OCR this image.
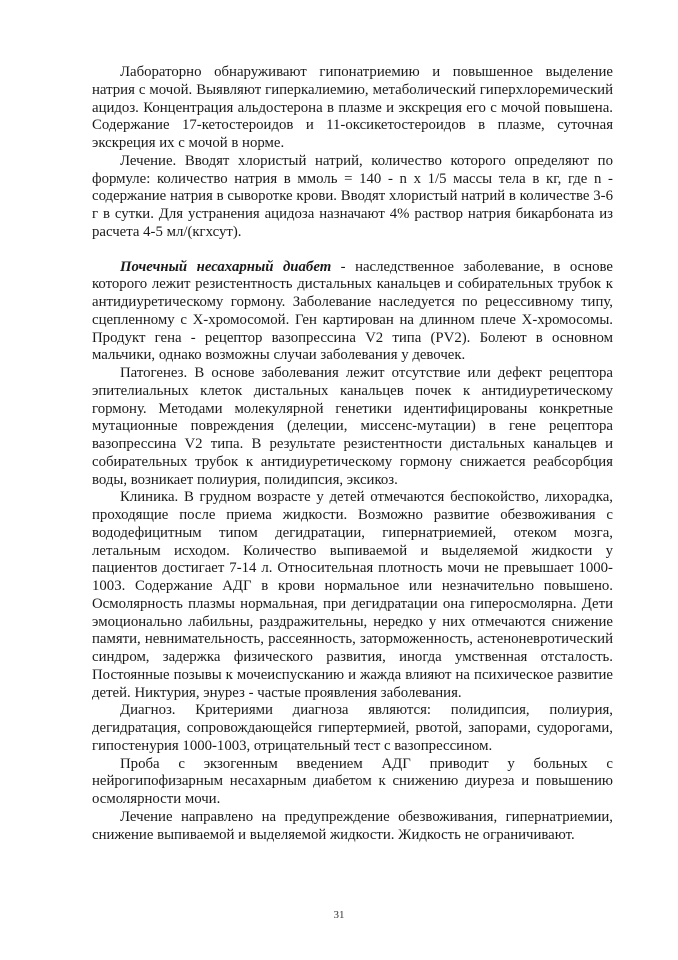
Лабораторно обнаруживают гипонатриемию и повышенное выделение натрия с мочой. Выявляют гиперкалиемию, метаболический гиперхлоремический ацидоз. Концентрация альдостерона в плазме и экскреция его с мочой повышена. Содержание 17-кетостероидов и 11-оксикетостероидов в плазме, суточная экскреция их с мочой в норме.

Лечение. Вводят хлористый натрий, количество которого определяют по формуле: количество натрия в ммоль = 140 - n x 1/5 массы тела в кг, где n - содержание натрия в сыворотке крови. Вводят хлористый натрий в количестве 3-6 г в сутки. Для устранения ацидоза назначают 4% раствор натрия бикарбоната из расчета 4-5 мл/(кгхсут).

Почечный несахарный диабет - наследственное заболевание, в основе которого лежит резистентность дистальных канальцев и собирательных трубок к антидиуретическому гормону. Заболевание наследуется по рецессивному типу, сцепленному с Х-хромосомой. Ген картирован на длинном плече Х-хромосомы. Продукт гена - рецептор вазопрессина V2 типа (PV2). Болеют в основном мальчики, однако возможны случаи заболевания у девочек.

Патогенез. В основе заболевания лежит отсутствие или дефект рецептора эпителиальных клеток дистальных канальцев почек к антидиуретическому гормону. Методами молекулярной генетики идентифицированы конкретные мутационные повреждения (делеции, миссенс-мутации) в гене рецептора вазопрессина V2 типа. В результате резистентности дистальных канальцев и собирательных трубок к антидиуретическому гормону снижается реабсорбция воды, возникает полиурия, полидипсия, эксикоз.

Клиника. В грудном возрасте у детей отмечаются беспокойство, лихорадка, проходящие после приема жидкости. Возможно развитие обезвоживания с вододефицитным типом дегидратации, гипернатриемией, отеком мозга, летальным исходом. Количество выпиваемой и выделяемой жидкости у пациентов достигает 7-14 л. Относительная плотность мочи не превышает 1000-1003. Содержание АДГ в крови нормальное или незначительно повышено. Осмолярность плазмы нормальная, при дегидратации она гиперосмолярна. Дети эмоционально лабильны, раздражительны, нередко у них отмечаются снижение памяти, невнимательность, рассеянность, заторможенность, астеноневротический синдром, задержка физического развития, иногда умственная отсталость. Постоянные позывы к мочеиспусканию и жажда влияют на психическое развитие детей. Никтурия, энурез - частые проявления заболевания.

Диагноз. Критериями диагноза являются: полидипсия, полиурия, дегидратация, сопровождающейся гипертермией, рвотой, запорами, судорогами, гипостенурия 1000-1003, отрицательный тест с вазопрессином.

Проба с экзогенным введением АДГ приводит у больных с нейрогипофизарным несахарным диабетом к снижению диуреза и повышению осмолярности мочи.

Лечение направлено на предупреждение обезвоживания, гипернатриемии, снижение выпиваемой и выделяемой жидкости. Жидкость не ограничивают.

31
